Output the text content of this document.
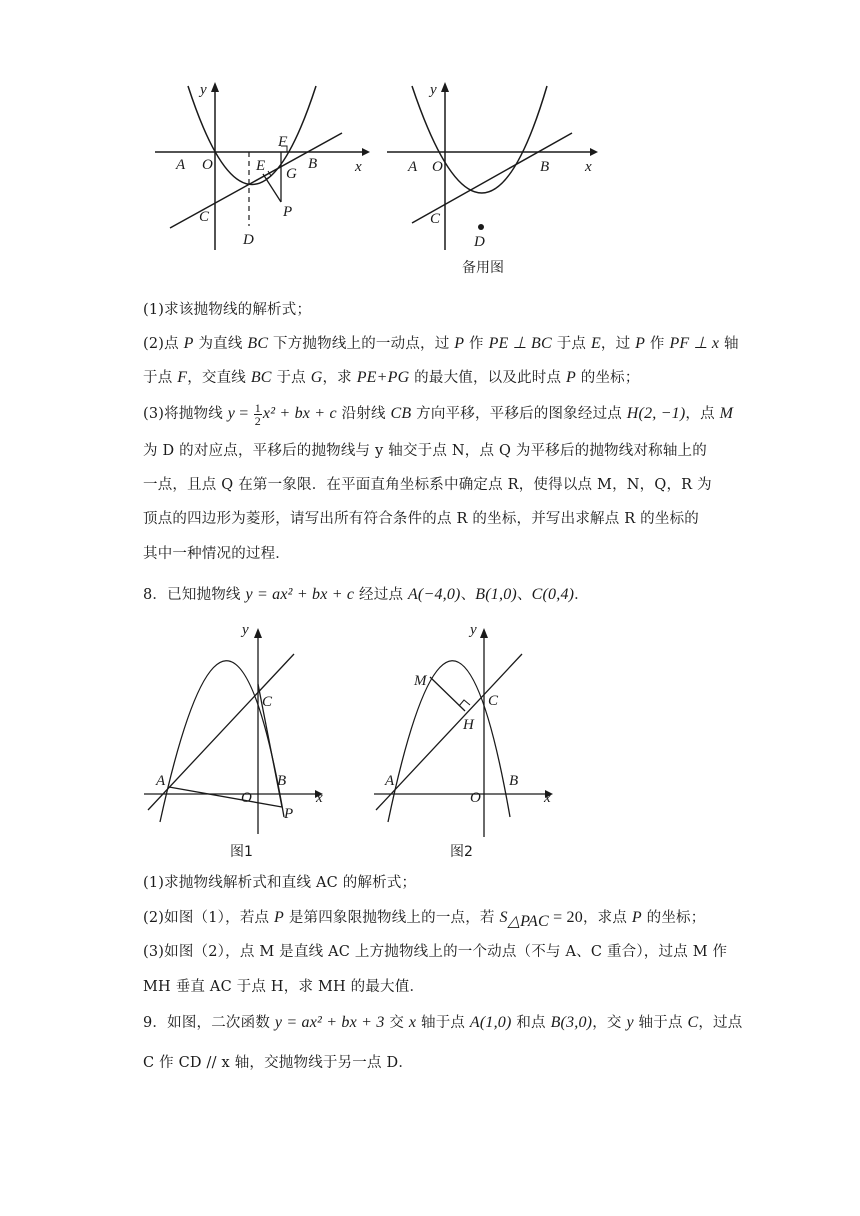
y
x
A O	B
C
D
E
F
G
P
y
x
A O	B
C
D
备用图
(1)求该抛物线的解析式；
(2)点 P 为直线 BC 下方抛物线上的一动点，过 P 作 PE ⊥ BC 于点 E，过 P 作 PF ⊥ x 轴
于点 F，交直线 BC 于点 G，求 PE+PG 的最大值，以及此时点 P 的坐标；
(3)将抛物线 $y = \frac{1}{2} x^2$ + bx + c 沿射线 CB 方向平移，平移后的图象经过点 H(2, −1)，点 M
为 D 的对应点，平移后的抛物线与 y 轴交于点 N，点 Q 为平移后的抛物线对称轴上的
一点，且点 Q 在第一象限．在平面直角坐标系中确定点 R，使得以点 M，N，Q，R 为
顶点的四边形为菱形，请写出所有符合条件的点 R 的坐标，并写出求解点 R 的坐标的
其中一种情况的过程．
8．已知抛物线 y = ax² + bx + c 经过点 A(−4,0)、B(1,0)、C(0,4)．
y
x
A
O
B
C
P
图1
y
x
A
O
B
C
M
H
图2
(1)求抛物线解析式和直线 AC 的解析式；
(2)如图（1），若点 P 是第四象限抛物线上的一点，若 $S_{\triangle PAC} = 20$，求点 P 的坐标；
(3)如图（2），点 M 是直线 AC 上方抛物线上的一个动点（不与 A、C 重合），过点 M 作
MH 垂直 AC 于点 H，求 MH 的最大值．
9．如图，二次函数 y = ax² + bx + 3 交 x 轴于点 A(1,0) 和点 B(3,0)，交 y 轴于点 C，过点
C 作 CD // x 轴，交抛物线于另一点 D．
